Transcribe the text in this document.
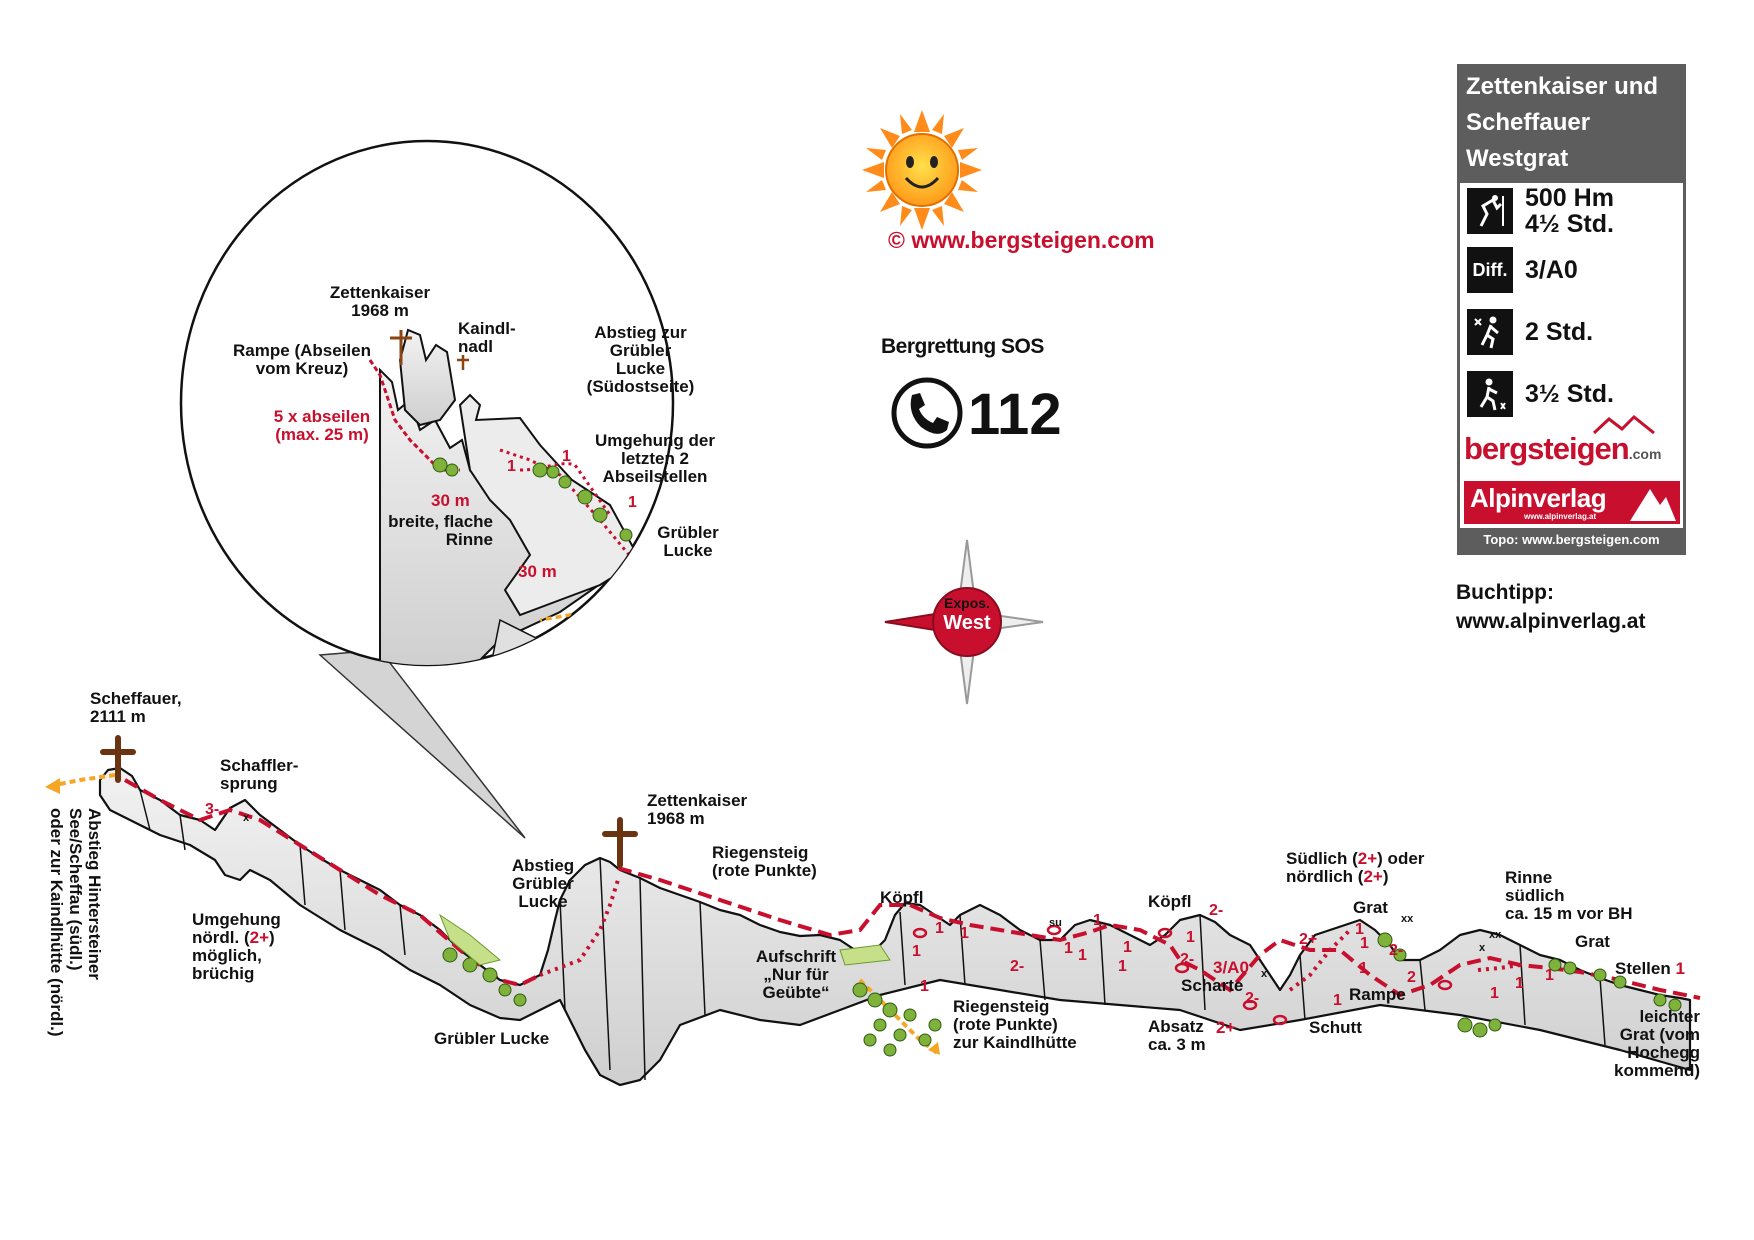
© www.bergsteigen.com
Bergrettung SOS
112
Expos.
West
Zettenkaiser und
Scheffauer
Westgrat
500 Hm
4½ Std.
Diff. 3/A0
2 Std.
3½ Std.
bergsteigen.com
Alpinverlag
www.alpinverlag.at
Topo: www.bergsteigen.com
Buchtipp:
www.alpinverlag.at
Zettenkaiser
1968 m
Kaindl-
nadl
Rampe (Abseilen
vom Kreuz)
5 x abseilen
(max. 25 m)
Abstieg zur
Grübler
Lucke
(Südostseite)
Umgehung der
letzten 2
Abseilstellen
breite, flache
Rinne	Grübler
Lucke
30 m
30 m
1
1
1
Scheffauer,
2111 m
Abstieg Hintersteiner
See/Scheffau (südl.)
oder zur Kaindlhütte (nördl.)
Schaffler-
sprung

Umgehung
nördl. (2+)
möglich,
brüchig

Grübler Lucke
Abstieg
Grübler
Lucke
Zettenkaiser
1968 m
Riegensteig
(rote Punkte)
Aufschrift
„Nur für
Geübte“
Riegensteig
(rote Punkte)
zur Kaindlhütte
Köpfl
su
Köpfl
3/A0
Scharte

Absatz
ca. 3 m

2+

Südlich (2+) oder
nördlich (2+)

Grat
Rampe
Schutt
Rinne
südlich
ca. 15 m vor BH
Grat

Stellen 1

leichter
Grat (vom
Hochegg
kommend)
3-
1
1
1
1
2-
1
1
1
2-
1
2-
2-
2+
1
1
2-
2
1
1
1
1 1
1
1
xx
xx
x
x
x
